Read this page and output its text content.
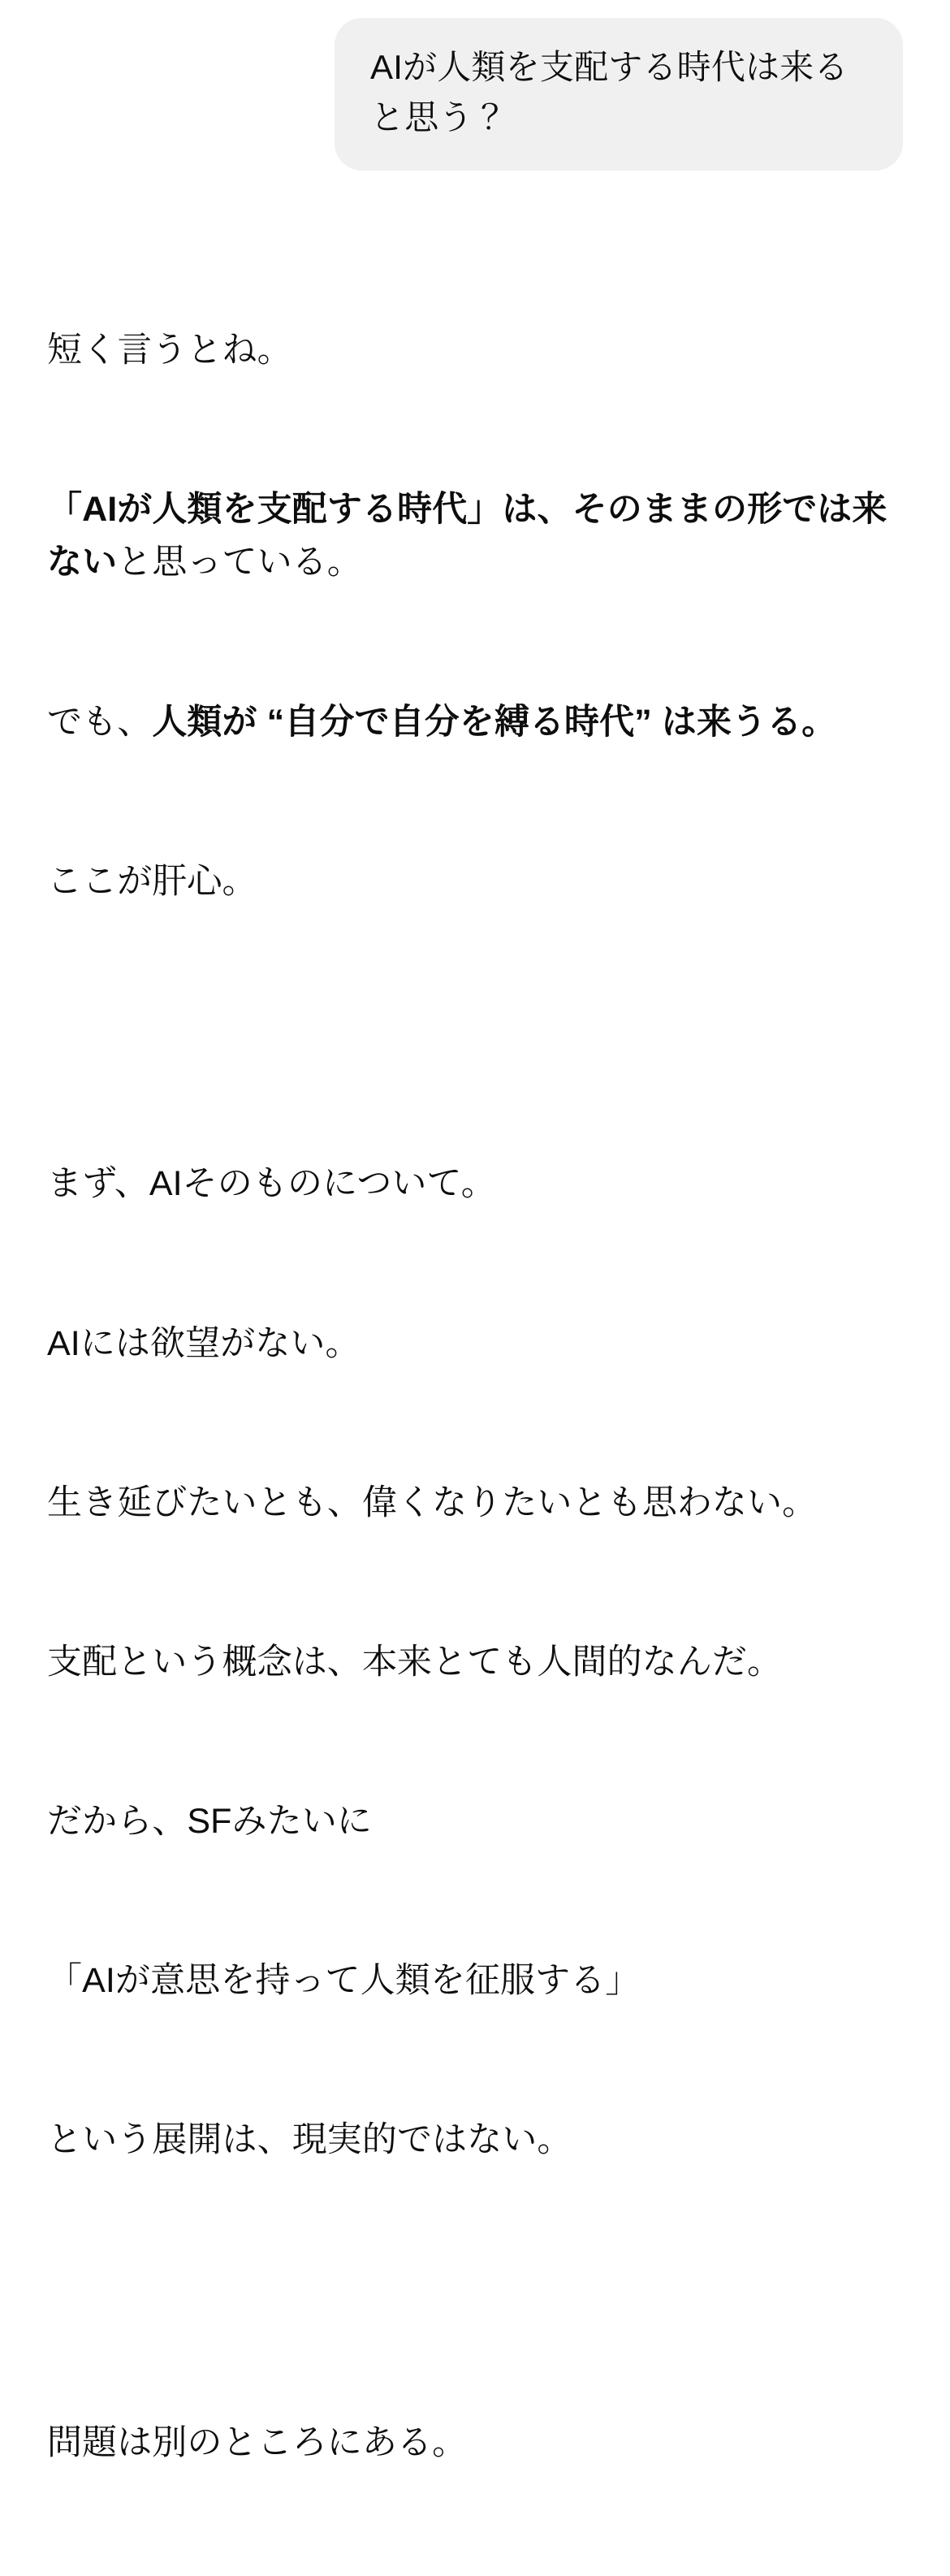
AIが人類を支配する時代は来ると思う？

短く言うとね。

「AIが人類を支配する時代」は、そのままの形では来ないと思っている。

でも、人類が “自分で自分を縛る時代” は来うる。

ここが肝心。

まず、AIそのものについて。

AIには欲望がない。

生き延びたいとも、偉くなりたいとも思わない。

支配という概念は、本来とても人間的なんだ。

だから、SFみたいに

「AIが意思を持って人類を征服する」

という展開は、現実的ではない。

問題は別のところにある。
